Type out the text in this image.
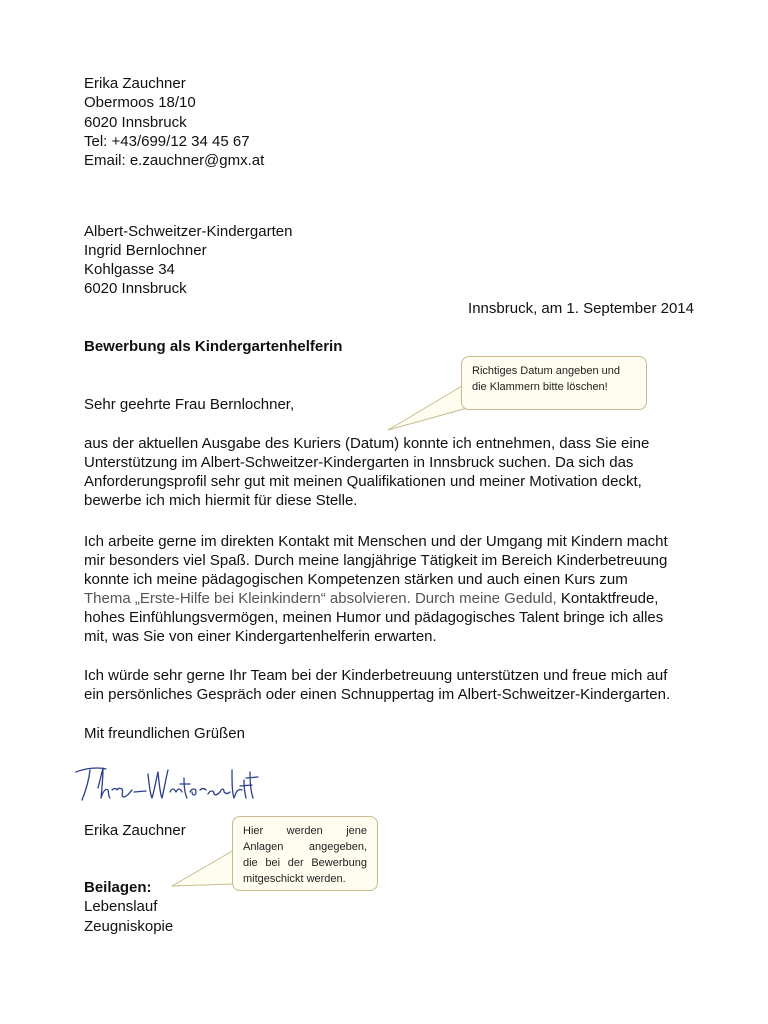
Erika Zauchner
Obermoos 18/10
6020 Innsbruck
Tel: +43/699/12 34 45 67
Email: e.zauchner@gmx.at
Albert-Schweitzer-Kindergarten
Ingrid Bernlochner
Kohlgasse 34
6020 Innsbruck
Innsbruck, am 1. September 2014
Bewerbung als Kindergartenhelferin
Sehr geehrte Frau Bernlochner,
aus der aktuellen Ausgabe des Kuriers (Datum) konnte ich entnehmen, dass Sie eine
Unterstützung im Albert-Schweitzer-Kindergarten in Innsbruck suchen. Da sich das
Anforderungsprofil sehr gut mit meinen Qualifikationen und meiner Motivation deckt,
bewerbe ich mich hiermit für diese Stelle.
Ich arbeite gerne im direkten Kontakt mit Menschen und der Umgang mit Kindern macht
mir besonders viel Spaß. Durch meine langjährige Tätigkeit im Bereich Kinderbetreuung
konnte ich meine pädagogischen Kompetenzen stärken und auch einen Kurs zum
Thema „Erste-Hilfe bei Kleinkindern“ absolvieren. Durch meine Geduld, Kontaktfreude,
hohes Einfühlungsvermögen, meinen Humor und pädagogisches Talent bringe ich alles
mit, was Sie von einer Kindergartenhelferin erwarten.
Ich würde sehr gerne Ihr Team bei der Kinderbetreuung unterstützen und freue mich auf
ein persönliches Gespräch oder einen Schnuppertag im Albert-Schweitzer-Kindergarten.
Mit freundlichen Grüßen
Erika Zauchner
Beilagen:
Lebenslauf
Zeugniskopie
Richtiges Datum angeben und
die Klammern bitte löschen!
Hier werden jene
Anlagen angegeben,
die bei der Bewerbung
mitgeschickt werden.
